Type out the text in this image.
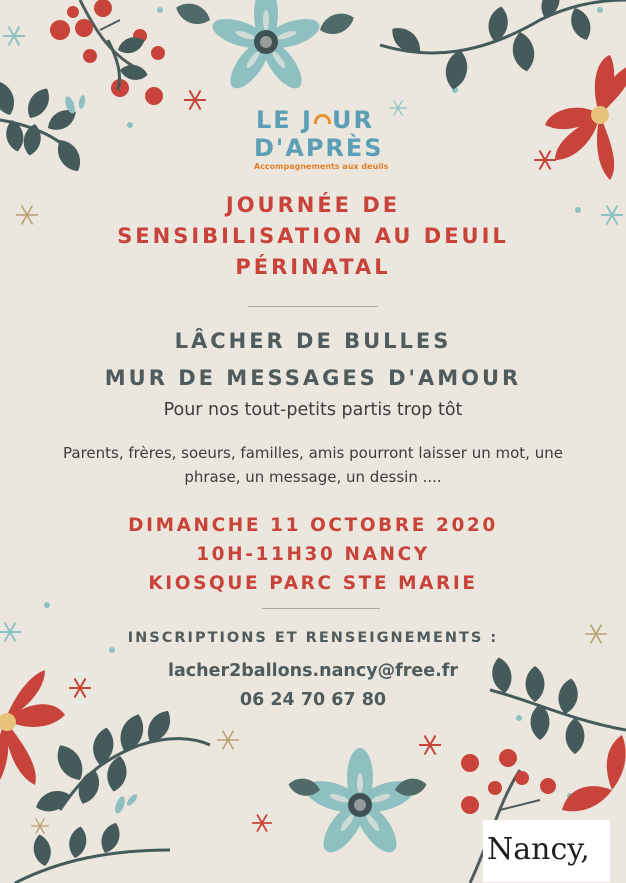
LE J UR
D'APRÈS
Accompagnements aux deuils
JOURNÉE DE
SENSIBILISATION AU DEUIL
PÉRINATAL
LÂCHER DE BULLES
MUR DE MESSAGES D'AMOUR
Pour nos tout-petits partis trop tôt
Parents, frères, soeurs, familles, amis pourront laisser un mot, une
phrase, un message, un dessin ....
DIMANCHE 11 OCTOBRE 2020
10H-11H30 NANCY
KIOSQUE PARC STE MARIE
INSCRIPTIONS ET RENSEIGNEMENTS :
lacher2ballons.nancy@free.fr
06 24 70 67 80
Nancy,
